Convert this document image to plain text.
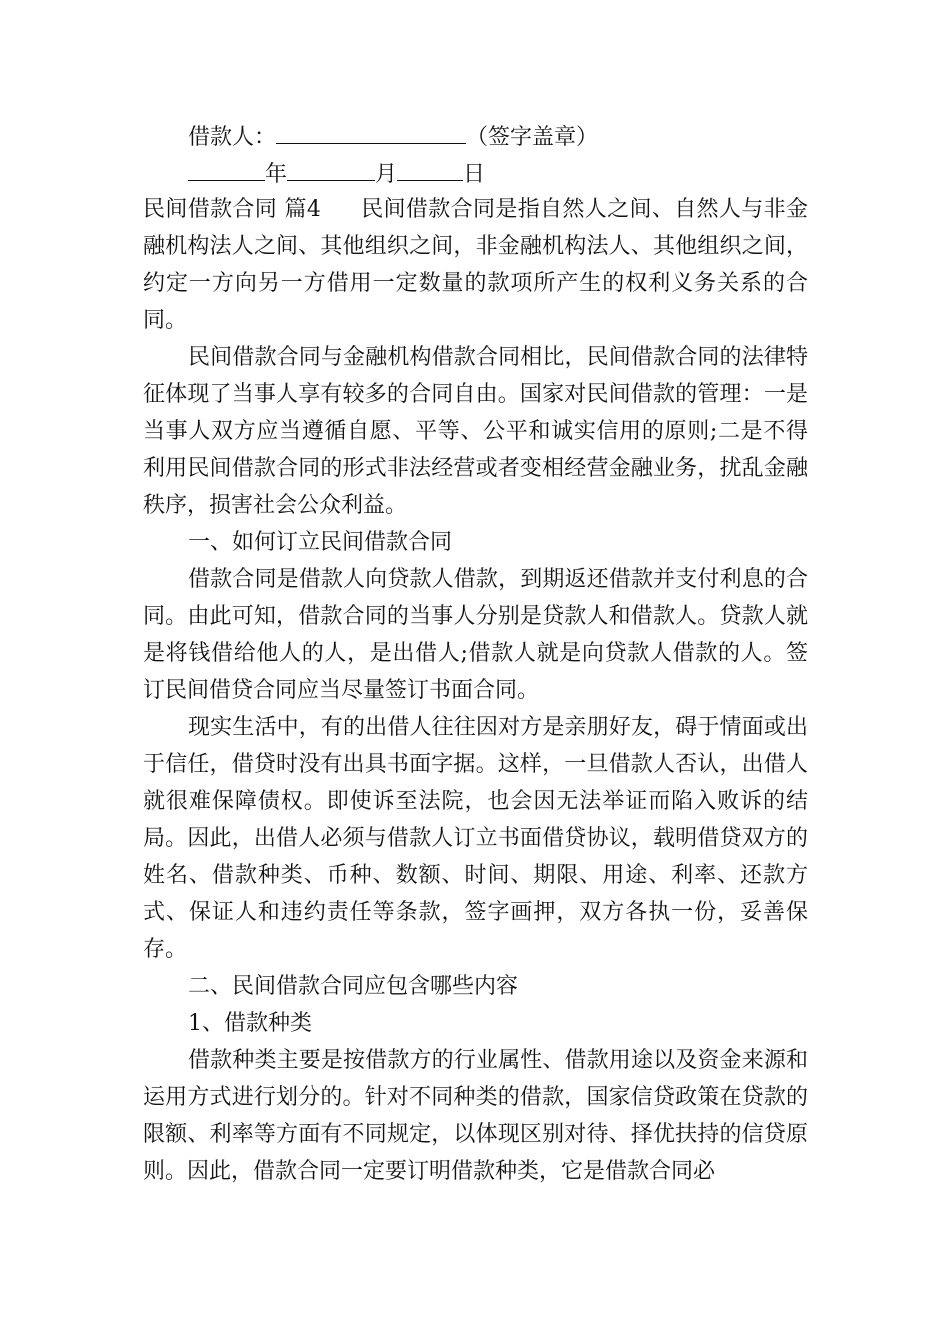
借款人：	（签字盖章）
年	月	日
民间借款合同 篇4 民间借款合同是指自然人之间、自然人与非金融机构法人之间、其他组织之间，非金融机构法人、其他组织之间，约定一方向另一方借用一定数量的款项所产生的权利义务关系的合同。
民间借款合同与金融机构借款合同相比，民间借款合同的法律特征体现了当事人享有较多的合同自由。国家对民间借款的管理：一是当事人双方应当遵循自愿、平等、公平和诚实信用的原则;二是不得利用民间借款合同的形式非法经营或者变相经营金融业务，扰乱金融秩序，损害社会公众利益。
一、如何订立民间借款合同
借款合同是借款人向贷款人借款，到期返还借款并支付利息的合同。由此可知，借款合同的当事人分别是贷款人和借款人。贷款人就是将钱借给他人的人，是出借人;借款人就是向贷款人借款的人。签订民间借贷合同应当尽量签订书面合同。
现实生活中，有的出借人往往因对方是亲朋好友，碍于情面或出于信任，借贷时没有出具书面字据。这样，一旦借款人否认，出借人就很难保障债权。即使诉至法院，也会因无法举证而陷入败诉的结局。因此，出借人必须与借款人订立书面借贷协议，载明借贷双方的姓名、借款种类、币种、数额、时间、期限、用途、利率、还款方式、保证人和违约责任等条款，签字画押，双方各执一份，妥善保存。
二、民间借款合同应包含哪些内容
1、借款种类
借款种类主要是按借款方的行业属性、借款用途以及资金来源和运用方式进行划分的。针对不同种类的借款，国家信贷政策在贷款的限额、利率等方面有不同规定，以体现区别对待、择优扶持的信贷原则。因此，借款合同一定要订明借款种类，它是借款合同必
